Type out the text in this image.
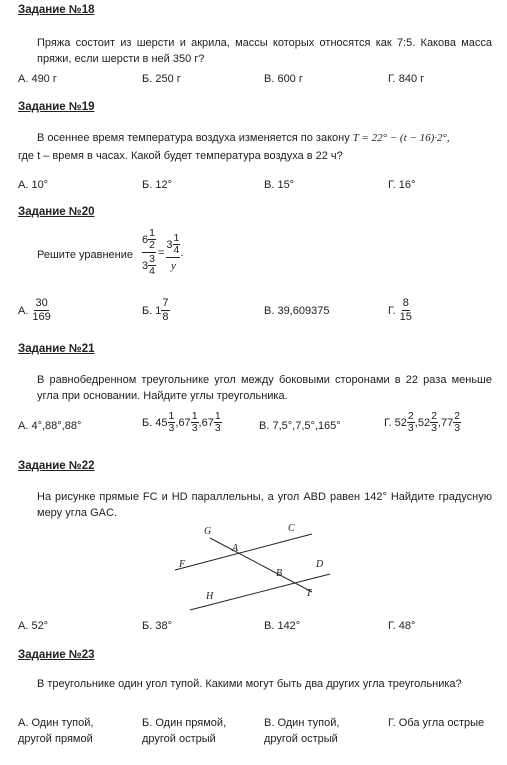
Задание №18
Пряжа состоит из шерсти и акрила, массы которых относятся как 7:5. Какова масса пряжи, если шерсти в ней 350 г?
А. 490 г	Б. 250 г	В. 600 г	Г. 840 г
Задание №19
В осеннее время температура воздуха изменяется по закону T = 22° − (t − 16)·2°,
где t – время в часах. Какой будет температура воздуха в 22 ч?
А. 10°	Б. 12°	В. 15°	Г. 16°
Задание №20
Решите уравнение $\frac{6 \frac{1}{2}}{3 \frac{3}{4}} = \frac{3 \frac{1}{4}}{y}$ .
А. $\frac{30}{169}$	Б. $1 \frac{7}{8}$	В. 39,609375	Г. $\frac{8}{15}$
Задание №21
В равнобедренном треугольнике угол между боковыми сторонами в 22 раза меньше угла при основании. Найдите углы треугольника.
А. 4°,88°,88°	Б. $45 \frac{1}{3}$ , $67 \frac{1}{3}$ , $67 \frac{1}{3}$	В. 7,5°,7,5°,165°	Г. $52 \frac{2}{3}$ , $52 \frac{2}{3}$ , $77 \frac{2}{3}$
Задание №22
На рисунке прямые FC и HD параллельны, а угол ABD равен 142° Найдите градусную меру угла GAC.
G	C
A
F
B
D
H	T
А. 52°	Б. 38°	В. 142°	Г. 48°
Задание №23
В треугольнике один угол тупой. Какими могут быть два других угла треугольника?
А. Один тупой,
другой прямой
Б. Один прямой,
другой острый
В. Один тупой,
другой острый
Г. Оба угла острые
